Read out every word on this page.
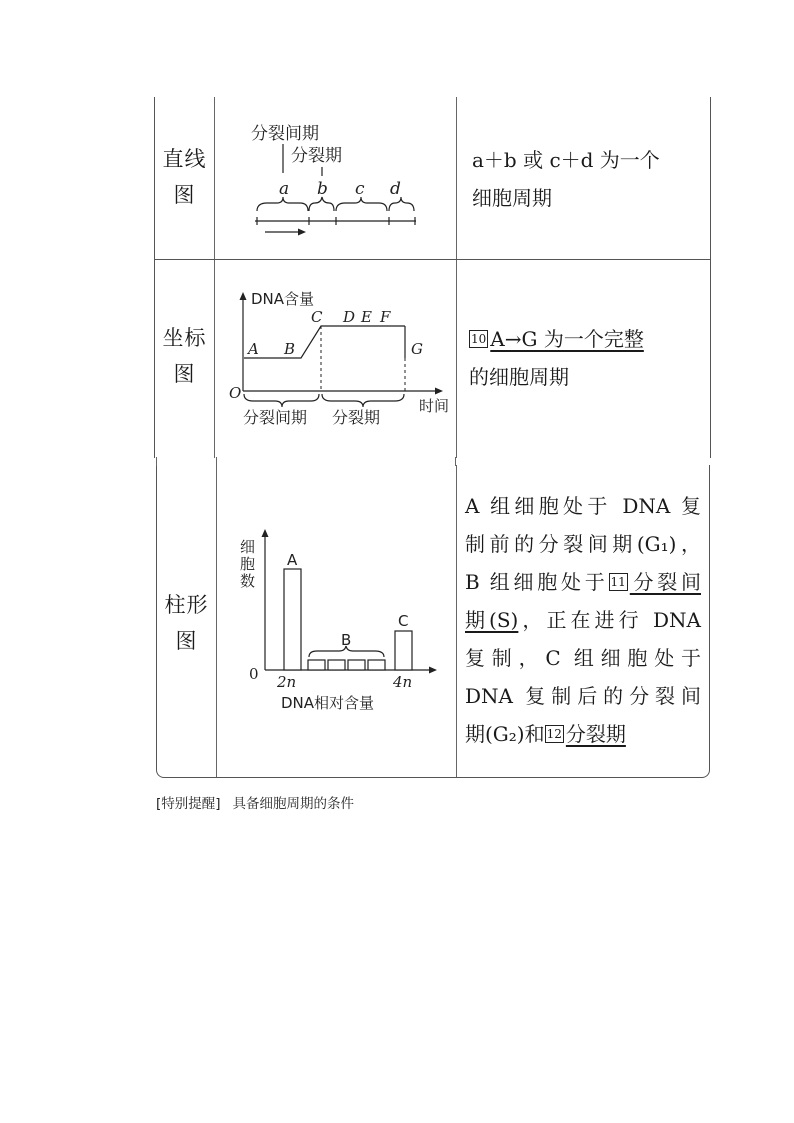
直线
图
分裂间期
分裂期
a b c d
a＋b 或 c＋d 为一个
细胞周期
坐标
图
DNA含量
O
时间
A B
C D E F
G
分裂间期 分裂期
10 A→G 为一个完整
的细胞周期
柱形
图
细
胞
数
0
A
B
C
2n	4n
DNA相对含量
A 组细胞处于 DNA 复
制前的分裂间期(G₁)，
B 组细胞处于 11 分裂间
期(S)，正在进行 DNA
复制，C 组细胞处于
DNA 复制后的分裂间
期(G₂)和 12 分裂期
[特别提醒] 具备细胞周期的条件
